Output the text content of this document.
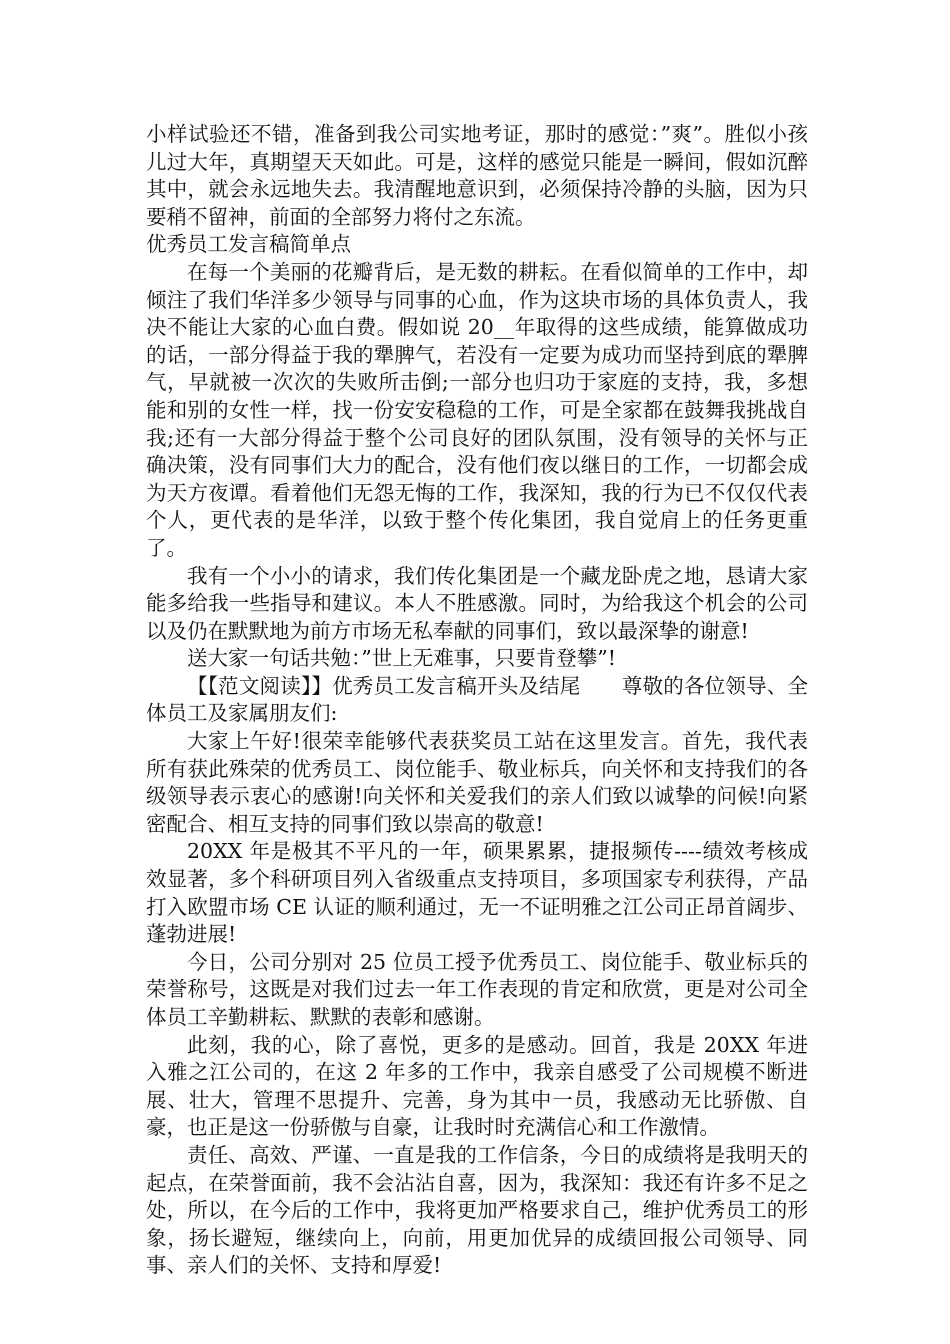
小样试验还不错，准备到我公司实地考证，那时的感觉：”爽”。胜似小孩儿过大年，真期望天天如此。可是，这样的感觉只能是一瞬间，假如沉醉其中，就会永远地失去。我清醒地意识到，必须保持冷静的头脑，因为只要稍不留神，前面的全部努力将付之东流。

优秀员工发言稿简单点

在每一个美丽的花瓣背后，是无数的耕耘。在看似简单的工作中，却倾注了我们华洋多少领导与同事的心血，作为这块市场的具体负责人，我决不能让大家的心血白费。假如说 20__年取得的这些成绩，能算做成功的话，一部分得益于我的犟脾气，若没有一定要为成功而坚持到底的犟脾气，早就被一次次的失败所击倒;一部分也归功于家庭的支持，我，多想能和别的女性一样，找一份安安稳稳的工作，可是全家都在鼓舞我挑战自我;还有一大部分得益于整个公司良好的团队氛围，没有领导的关怀与正确决策，没有同事们大力的配合，没有他们夜以继日的工作，一切都会成为天方夜谭。看着他们无怨无悔的工作，我深知，我的行为已不仅仅代表个人，更代表的是华洋，以致于整个传化集团，我自觉肩上的任务更重了。

我有一个小小的请求，我们传化集团是一个藏龙卧虎之地，恳请大家能多给我一些指导和建议。本人不胜感激。同时，为给我这个机会的公司以及仍在默默地为前方市场无私奉献的同事们，致以最深挚的谢意!

送大家一句话共勉：”世上无难事，只要肯登攀”!

【【范文阅读】】优秀员工发言稿开头及结尾　　尊敬的各位领导、全体员工及家属朋友们:

大家上午好!很荣幸能够代表获奖员工站在这里发言。首先，我代表所有获此殊荣的优秀员工、岗位能手、敬业标兵，向关怀和支持我们的各级领导表示衷心的感谢!向关怀和关爱我们的亲人们致以诚挚的问候!向紧密配合、相互支持的同事们致以崇高的敬意!

20XX 年是极其不平凡的一年，硕果累累，捷报频传----绩效考核成效显著，多个科研项目列入省级重点支持项目，多项国家专利获得，产品打入欧盟市场 CE 认证的顺利通过，无一不证明雅之江公司正昂首阔步、蓬勃进展!

今日，公司分别对 25 位员工授予优秀员工、岗位能手、敬业标兵的荣誉称号，这既是对我们过去一年工作表现的肯定和欣赏，更是对公司全体员工辛勤耕耘、默默的表彰和感谢。

此刻，我的心，除了喜悦，更多的是感动。回首，我是 20XX 年进入雅之江公司的，在这 2 年多的工作中，我亲自感受了公司规模不断进展、壮大，管理不思提升、完善，身为其中一员，我感动无比骄傲、自豪，也正是这一份骄傲与自豪，让我时时充满信心和工作激情。

责任、高效、严谨、一直是我的工作信条，今日的成绩将是我明天的起点，在荣誉面前，我不会沾沾自喜，因为，我深知：我还有许多不足之处，所以，在今后的工作中，我将更加严格要求自己，维护优秀员工的形象，扬长避短，继续向上，向前，用更加优异的成绩回报公司领导、同事、亲人们的关怀、支持和厚爱!
